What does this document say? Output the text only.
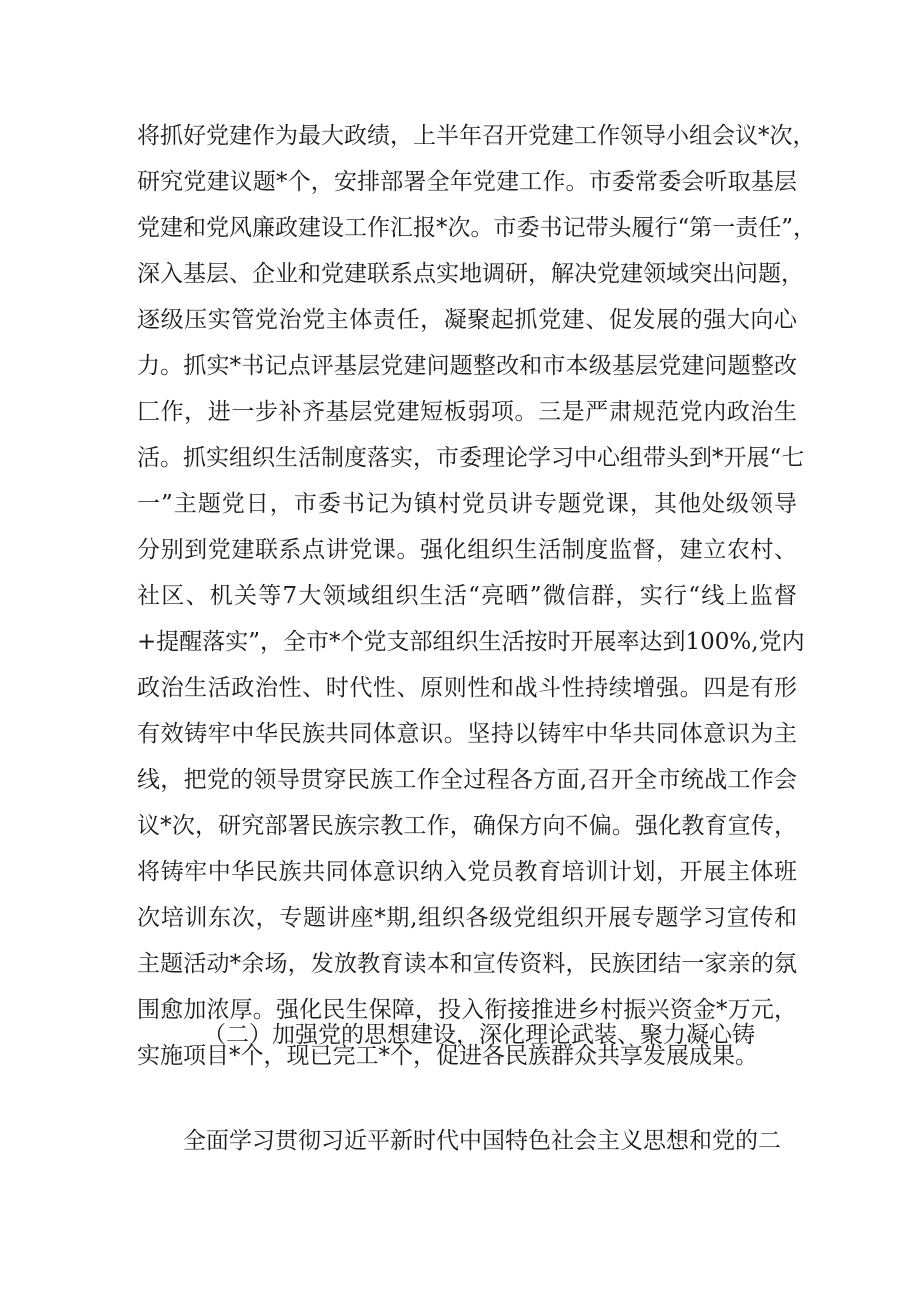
将抓好党建作为最大政绩，上半年召开党建工作领导小组会议*次，
研究党建议题*个，安排部署全年党建工作。市委常委会听取基层
党建和党风廉政建设工作汇报*次。市委书记带头履行“第一责任”，
深入基层、企业和党建联系点实地调研，解决党建领域突出问题，
逐级压实管党治党主体责任，凝聚起抓党建、促发展的强大向心
力。抓实*书记点评基层党建问题整改和市本级基层党建问题整改
匚作，进一步补齐基层党建短板弱项。三是严肃规范党内政治生
活。抓实组织生活制度落实，市委理论学习中心组带头到*开展“七
一”主题党日，市委书记为镇村党员讲专题党课，其他处级领导
分别到党建联系点讲党课。强化组织生活制度监督，建立农村、
社区、机关等7大领域组织生活“亮晒”微信群，实行“线上监督
+提醒落实”，全市*个党支部组织生活按时开展率达到100%,党内
政治生活政治性、时代性、原则性和战斗性持续增强。四是有形
有效铸牢中华民族共同体意识。坚持以铸牢中华共同体意识为主
线，把党的领导贯穿民族工作全过程各方面,召开全市统战工作会
议*次，研究部署民族宗教工作，确保方向不偏。强化教育宣传，
将铸牢中华民族共同体意识纳入党员教育培训计划，开展主体班
次培训东次，专题讲座*期,组织各级党组织开展专题学习宣传和
主题活动*余场，发放教育读本和宣传资料，民族团结一家亲的氛
围愈加浓厚。强化民生保障，投入衔接推进乡村振兴资金*万元，
实施项目*个，现已完工*个，促进各民族群众共享发展成果。
（二）加强党的思想建设，深化理论武装、聚力凝心铸

全面学习贯彻习近平新时代中国特色社会主义思想和党的二
